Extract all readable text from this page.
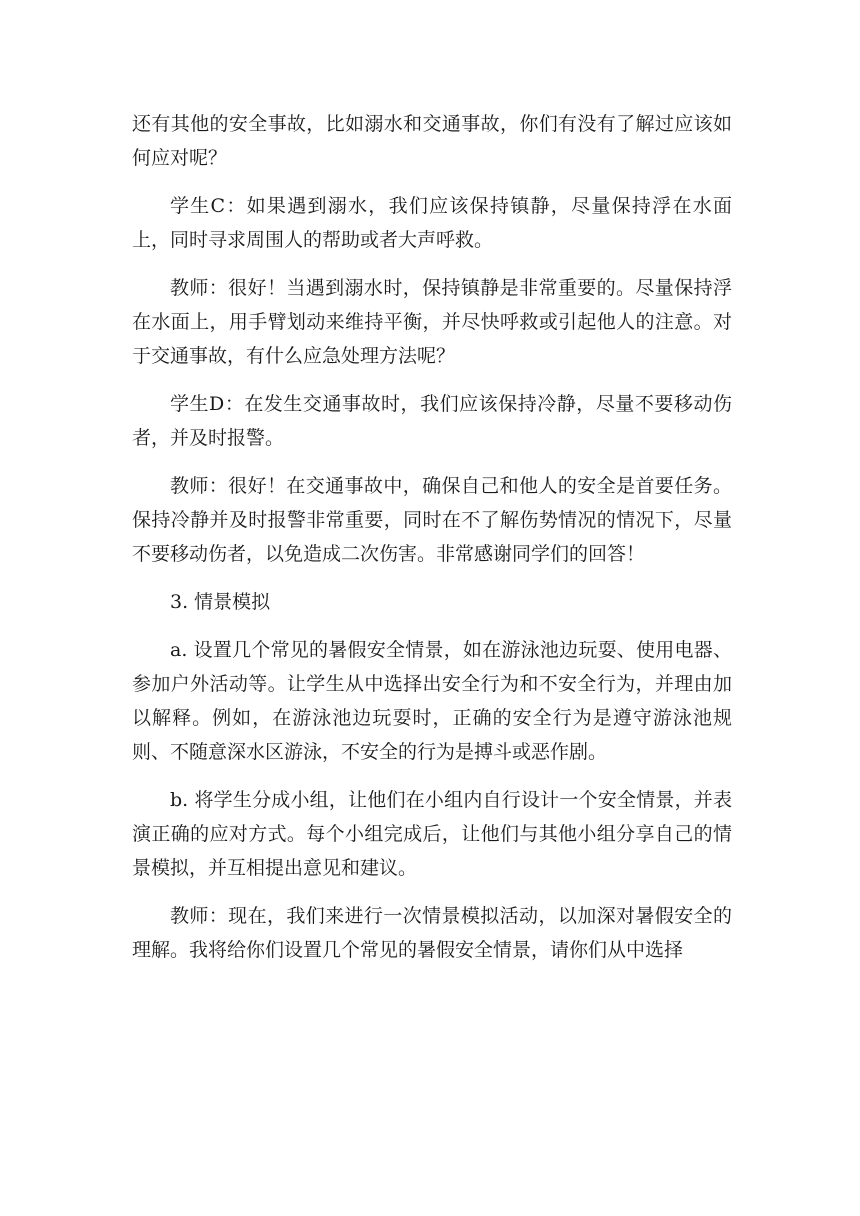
还有其他的安全事故，比如溺水和交通事故，你们有没有了解过应该如何应对呢？

学生C：如果遇到溺水，我们应该保持镇静，尽量保持浮在水面上，同时寻求周围人的帮助或者大声呼救。

教师：很好！当遇到溺水时，保持镇静是非常重要的。尽量保持浮在水面上，用手臂划动来维持平衡，并尽快呼救或引起他人的注意。对于交通事故，有什么应急处理方法呢？

学生D：在发生交通事故时，我们应该保持冷静，尽量不要移动伤者，并及时报警。

教师：很好！在交通事故中，确保自己和他人的安全是首要任务。保持冷静并及时报警非常重要，同时在不了解伤势情况的情况下，尽量不要移动伤者，以免造成二次伤害。非常感谢同学们的回答！

3. 情景模拟

a. 设置几个常见的暑假安全情景，如在游泳池边玩耍、使用电器、参加户外活动等。让学生从中选择出安全行为和不安全行为，并理由加以解释。例如，在游泳池边玩耍时，正确的安全行为是遵守游泳池规则、不随意深水区游泳，不安全的行为是搏斗或恶作剧。

b. 将学生分成小组，让他们在小组内自行设计一个安全情景，并表演正确的应对方式。每个小组完成后，让他们与其他小组分享自己的情景模拟，并互相提出意见和建议。

教师：现在，我们来进行一次情景模拟活动，以加深对暑假安全的理解。我将给你们设置几个常见的暑假安全情景，请你们从中选择
